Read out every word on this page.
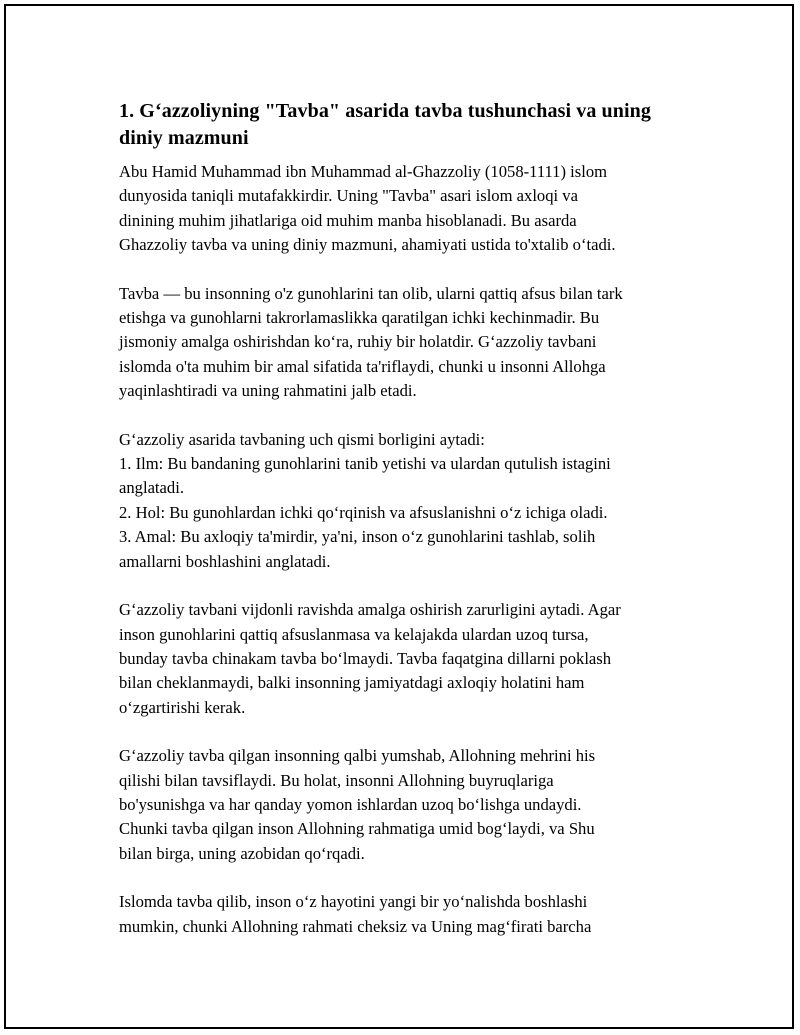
1. G‘azzoliyning "Tavba" asarida tavba tushunchasi va uning
diniy mazmuni

Abu Hamid Muhammad ibn Muhammad al-Ghazzoliy (1058-1111) islom
dunyosida taniqli mutafakkirdir. Uning "Tavba" asari islom axloqi va
dinining muhim jihatlariga oid muhim manba hisoblanadi. Bu asarda
Ghazzoliy tavba va uning diniy mazmuni, ahamiyati ustida to'xtalib o‘tadi.

Tavba — bu insonning o'z gunohlarini tan olib, ularni qattiq afsus bilan tark
etishga va gunohlarni takrorlamaslikka qaratilgan ichki kechinmadir. Bu
jismoniy amalga oshirishdan ko‘ra, ruhiy bir holatdir. G‘azzoliy tavbani
islomda o'ta muhim bir amal sifatida ta'riflaydi, chunki u insonni Allohga
yaqinlashtiradi va uning rahmatini jalb etadi.

G‘azzoliy asarida tavbaning uch qismi borligini aytadi:
1. Ilm: Bu bandaning gunohlarini tanib yetishi va ulardan qutulish istagini
anglatadi.
2. Hol: Bu gunohlardan ichki qo‘rqinish va afsuslanishni o‘z ichiga oladi.
3. Amal: Bu axloqiy ta'mirdir, ya'ni, inson o‘z gunohlarini tashlab, solih
amallarni boshlashini anglatadi.

G‘azzoliy tavbani vijdonli ravishda amalga oshirish zarurligini aytadi. Agar
inson gunohlarini qattiq afsuslanmasa va kelajakda ulardan uzoq tursa,
bunday tavba chinakam tavba bo‘lmaydi. Tavba faqatgina dillarni poklash
bilan cheklanmaydi, balki insonning jamiyatdagi axloqiy holatini ham
o‘zgartirishi kerak.

G‘azzoliy tavba qilgan insonning qalbi yumshab, Allohning mehrini his
qilishi bilan tavsiflaydi. Bu holat, insonni Allohning buyruqlariga
bo'ysunishga va har qanday yomon ishlardan uzoq bo‘lishga undaydi.
Chunki tavba qilgan inson Allohning rahmatiga umid bog‘laydi, va Shu
bilan birga, uning azobidan qo‘rqadi.

Islomda tavba qilib, inson o‘z hayotini yangi bir yo‘nalishda boshlashi
mumkin, chunki Allohning rahmati cheksiz va Uning mag‘firati barcha
